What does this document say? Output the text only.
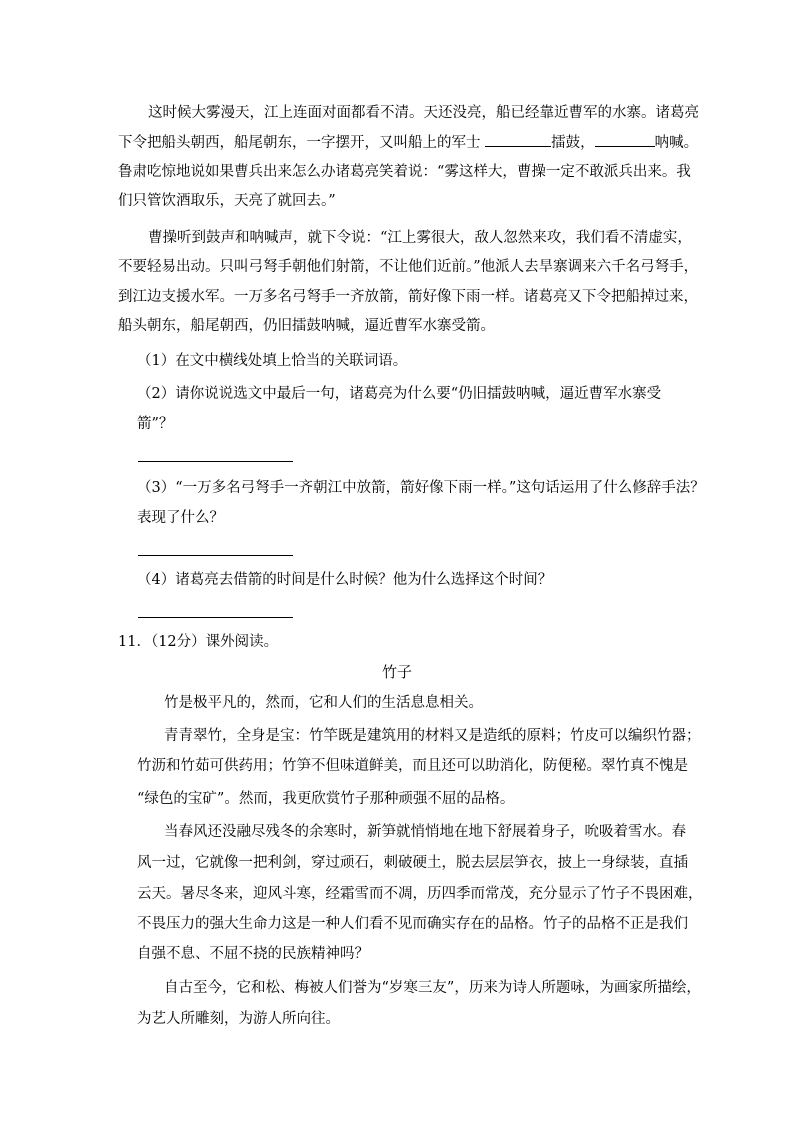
这时候大雾漫天，江上连面对面都看不清。天还没亮，船已经靠近曹军的水寨。诸葛亮
下令把船头朝西，船尾朝东，一字摆开，又叫船上的军士	擂鼓，	呐喊。
鲁肃吃惊地说如果曹兵出来怎么办诸葛亮笑着说：“雾这样大，曹操一定不敢派兵出来。我
们只管饮酒取乐，天亮了就回去。”
曹操听到鼓声和呐喊声，就下令说：“江上雾很大，敌人忽然来攻，我们看不清虚实，
不要轻易出动。只叫弓弩手朝他们射箭，不让他们近前。”他派人去旱寨调来六千名弓弩手，
到江边支援水军。一万多名弓弩手一齐放箭，箭好像下雨一样。诸葛亮又下令把船掉过来，
船头朝东，船尾朝西，仍旧擂鼓呐喊，逼近曹军水寨受箭。
（1）在文中横线处填上恰当的关联词语。
（2）请你说说选文中最后一句，诸葛亮为什么要“仍旧擂鼓呐喊，逼近曹军水寨受
箭”？
（3）“一万多名弓弩手一齐朝江中放箭，箭好像下雨一样。”这句话运用了什么修辞手法？
表现了什么？
（4）诸葛亮去借箭的时间是什么时候？他为什么选择这个时间？
11．（12分）课外阅读。
竹子
竹是极平凡的，然而，它和人们的生活息息相关。
青青翠竹，全身是宝：竹竿既是建筑用的材料又是造纸的原料；竹皮可以编织竹器；
竹沥和竹茹可供药用；竹笋不但味道鲜美，而且还可以助消化，防便秘。翠竹真不愧是
“绿色的宝矿”。然而，我更欣赏竹子那种顽强不屈的品格。
当春风还没融尽残冬的余寒时，新笋就悄悄地在地下舒展着身子，吮吸着雪水。春
风一过，它就像一把利剑，穿过顽石，刺破硬土，脱去层层笋衣，披上一身绿装，直插
云天。暑尽冬来，迎风斗寒，经霜雪而不凋，历四季而常茂，充分显示了竹子不畏困难，
不畏压力的强大生命力这是一种人们看不见而确实存在的品格。竹子的品格不正是我们
自强不息、不屈不挠的民族精神吗？
自古至今，它和松、梅被人们誉为“岁寒三友”，历来为诗人所题咏，为画家所描绘，
为艺人所雕刻，为游人所向往。
